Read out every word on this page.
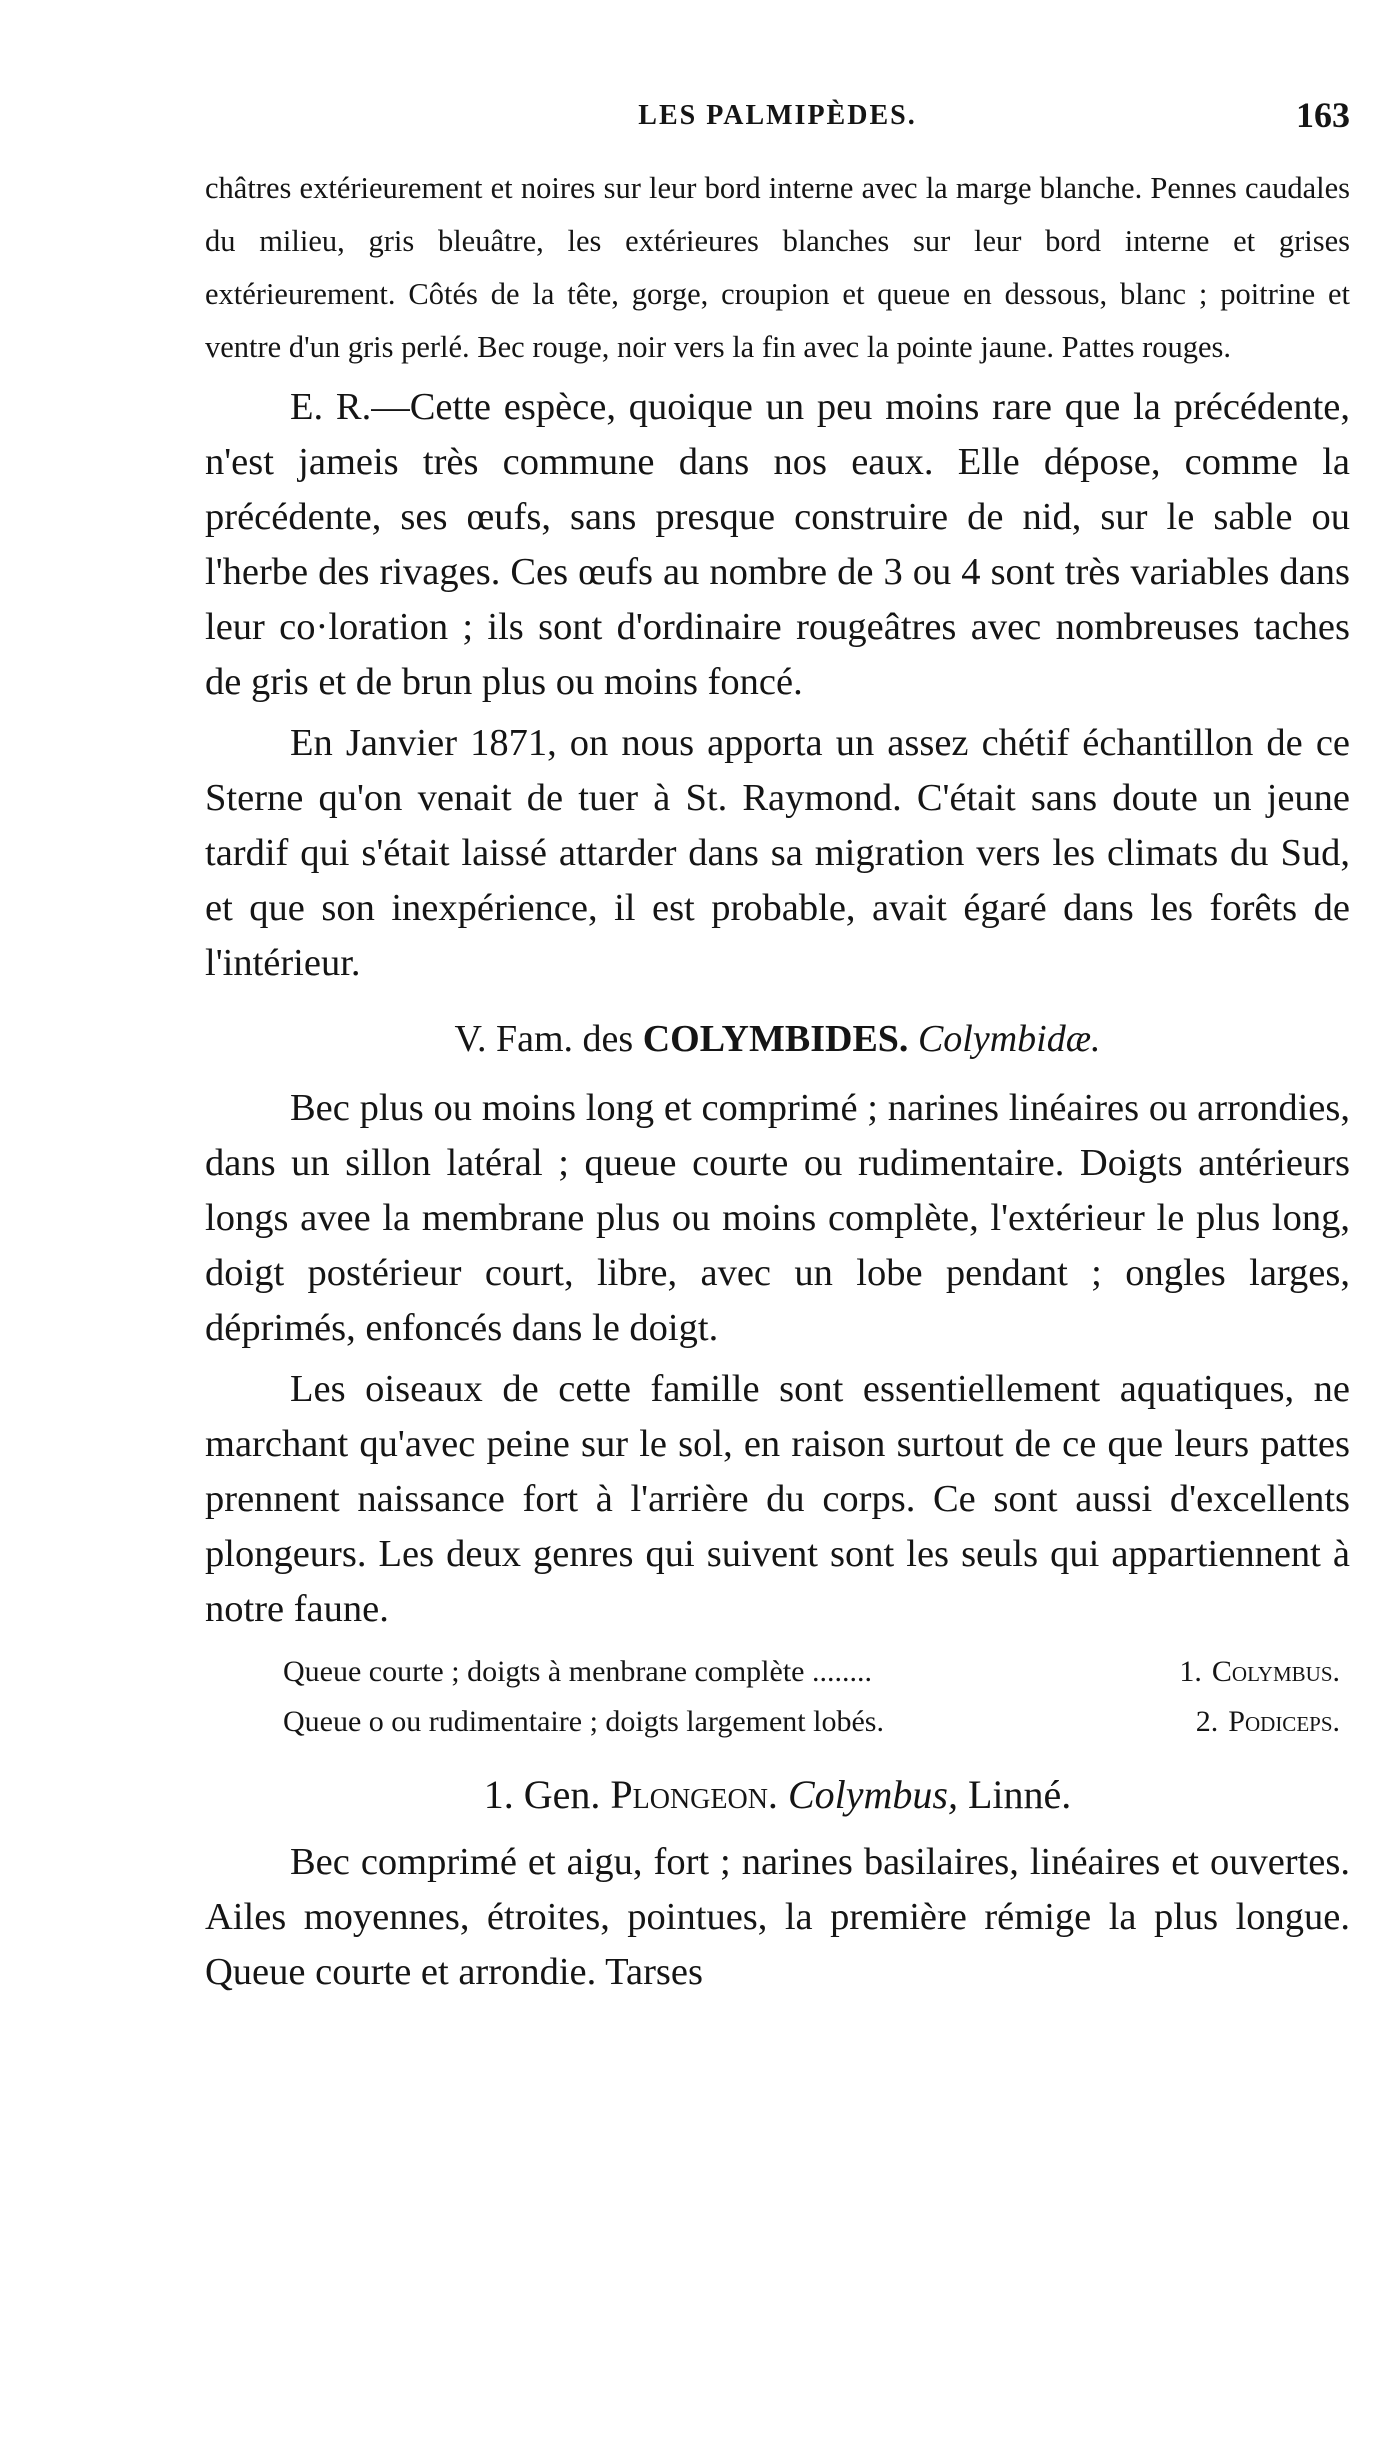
LES PALMIPÈDES.	163

châtres extérieurement et noires sur leur bord interne avec la marge blanche. Pennes caudales du milieu, gris bleuâtre, les extérieures blanches sur leur bord interne et grises extérieurement. Côtés de la tête, gorge, croupion et queue en dessous, blanc ; poitrine et ventre d'un gris perlé. Bec rouge, noir vers la fin avec la pointe jaune. Pattes rouges.

E. R.—Cette espèce, quoique un peu moins rare que la précédente, n'est jameis très commune dans nos eaux. Elle dépose, comme la précédente, ses œufs, sans presque construire de nid, sur le sable ou l'herbe des rivages. Ces œufs au nombre de 3 ou 4 sont très variables dans leur co·loration ; ils sont d'ordinaire rougeâtres avec nombreuses taches de gris et de brun plus ou moins foncé.

En Janvier 1871, on nous apporta un assez chétif échantillon de ce Sterne qu'on venait de tuer à St. Raymond. C'était sans doute un jeune tardif qui s'était laissé attarder dans sa migration vers les climats du Sud, et que son inexpérience, il est probable, avait égaré dans les forêts de l'intérieur.

V. Fam. des COLYMBIDES. Colymbidæ.

Bec plus ou moins long et comprimé ; narines linéaires ou arrondies, dans un sillon latéral ; queue courte ou rudimentaire. Doigts antérieurs longs avee la membrane plus ou moins complète, l'extérieur le plus long, doigt postérieur court, libre, avec un lobe pendant ; ongles larges, déprimés, enfoncés dans le doigt.

Les oiseaux de cette famille sont essentiellement aquatiques, ne marchant qu'avec peine sur le sol, en raison surtout de ce que leurs pattes prennent naissance fort à l'arrière du corps. Ce sont aussi d'excellents plongeurs. Les deux genres qui suivent sont les seuls qui appartiennent à notre faune.

Queue courte ; doigts à menbrane complète ........	1. Colymbus.
Queue o ou rudimentaire ; doigts largement lobés.	2. Podiceps.
1. Gen. Plongeon. Colymbus, Linné.

Bec comprimé et aigu, fort ; narines basilaires, linéaires et ouvertes. Ailes moyennes, étroites, pointues, la première rémige la plus longue. Queue courte et arrondie. Tarses
